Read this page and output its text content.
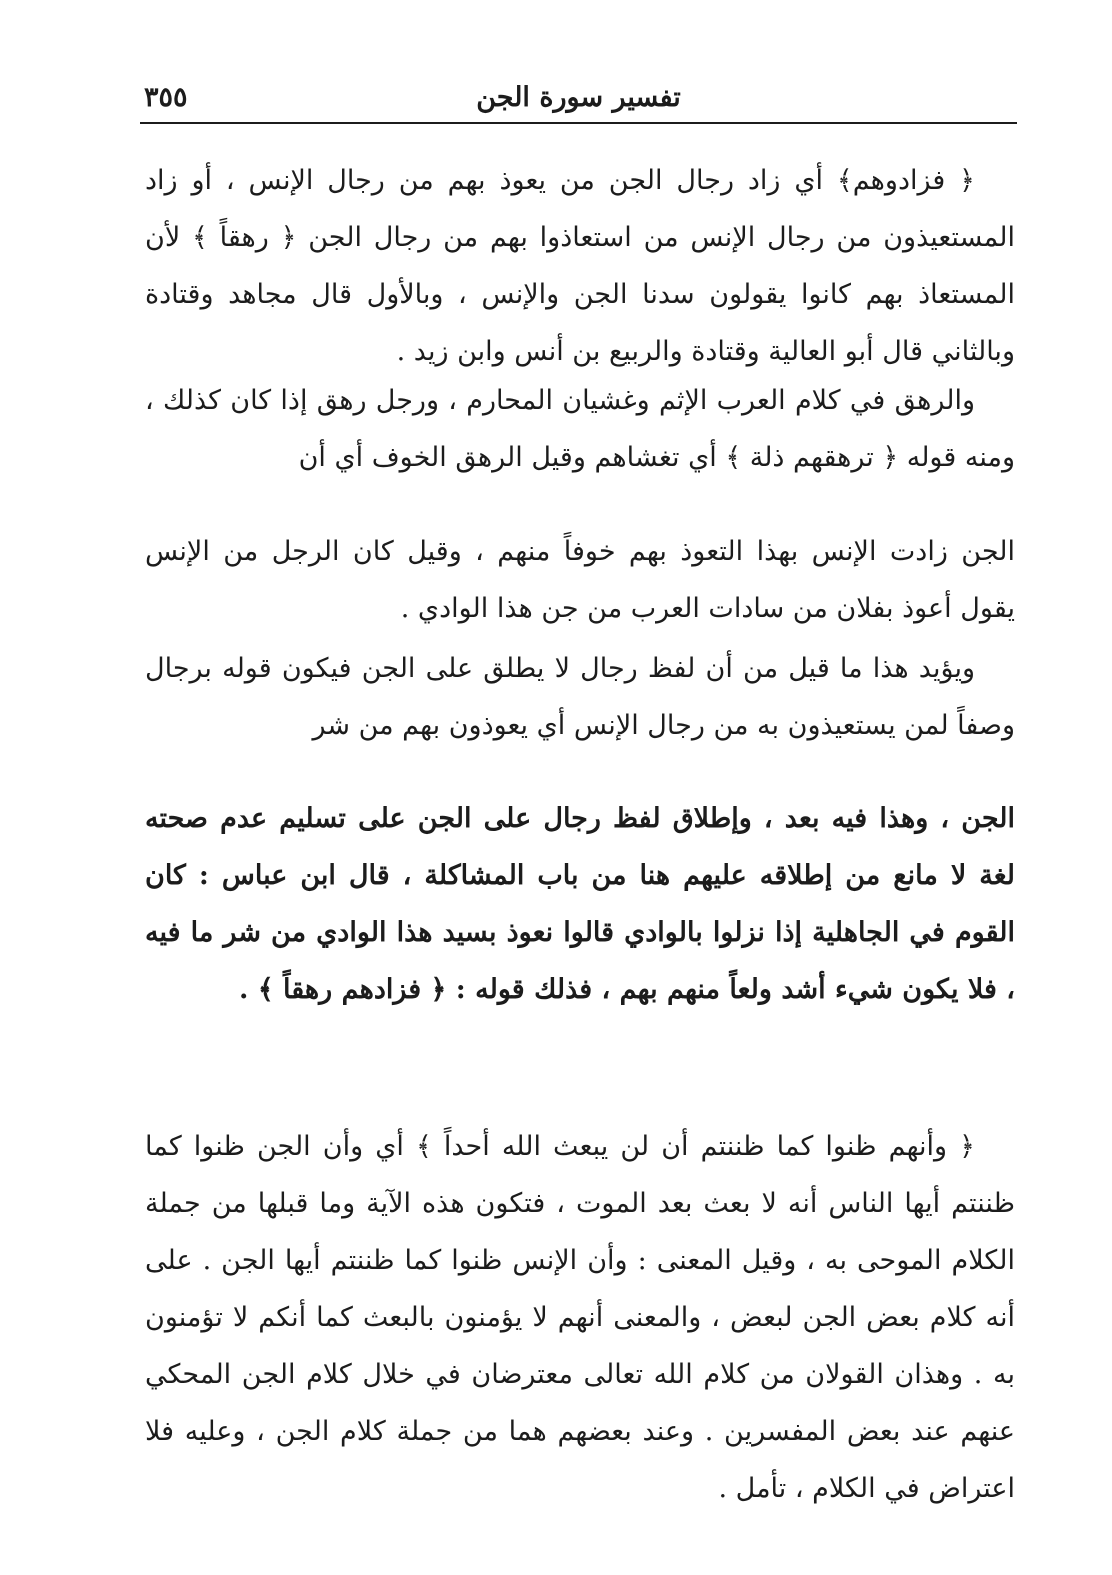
تفسير سورة الجن
٣٥٥

﴿ فزادوهم﴾ أي زاد رجال الجن من يعوذ بهم من رجال الإنس ، أو زاد المستعيذون من رجال الإنس من استعاذوا بهم من رجال الجن ﴿ رهقاً ﴾ لأن المستعاذ بهم كانوا يقولون سدنا الجن والإنس ، وبالأول قال مجاهد وقتادة وبالثاني قال أبو العالية وقتادة والربيع بن أنس وابن زيد .

والرهق في كلام العرب الإثم وغشيان المحارم ، ورجل رهق إذا كان كذلك ، ومنه قوله ﴿ ترهقهم ذلة ﴾ أي تغشاهم وقيل الرهق الخوف أي أن

الجن زادت الإنس بهذا التعوذ بهم خوفاً منهم ، وقيل كان الرجل من الإنس يقول أعوذ بفلان من سادات العرب من جن هذا الوادي .

ويؤيد هذا ما قيل من أن لفظ رجال لا يطلق على الجن فيكون قوله برجال وصفاً لمن يستعيذون به من رجال الإنس أي يعوذون بهم من شر

الجن ، وهذا فيه بعد ، وإطلاق لفظ رجال على الجن على تسليم عدم صحته لغة لا مانع من إطلاقه عليهم هنا من باب المشاكلة ، قال ابن عباس : كان القوم في الجاهلية إذا نزلوا بالوادي قالوا نعوذ بسيد هذا الوادي من شر ما فيه ، فلا يكون شيء أشد ولعاً منهم بهم ، فذلك قوله : ﴿ فزادهم رهقاً ﴾ .

﴿ وأنهم ظنوا كما ظننتم أن لن يبعث الله أحداً ﴾ أي وأن الجن ظنوا كما ظننتم أيها الناس أنه لا بعث بعد الموت ، فتكون هذه الآية وما قبلها من جملة الكلام الموحى به ، وقيل المعنى : وأن الإنس ظنوا كما ظننتم أيها الجن . على أنه كلام بعض الجن لبعض ، والمعنى أنهم لا يؤمنون بالبعث كما أنكم لا تؤمنون به . وهذان القولان من كلام الله تعالى معترضان في خلال كلام الجن المحكي عنهم عند بعض المفسرين . وعند بعضهم هما من جملة كلام الجن ، وعليه فلا اعتراض في الكلام ، تأمل .
